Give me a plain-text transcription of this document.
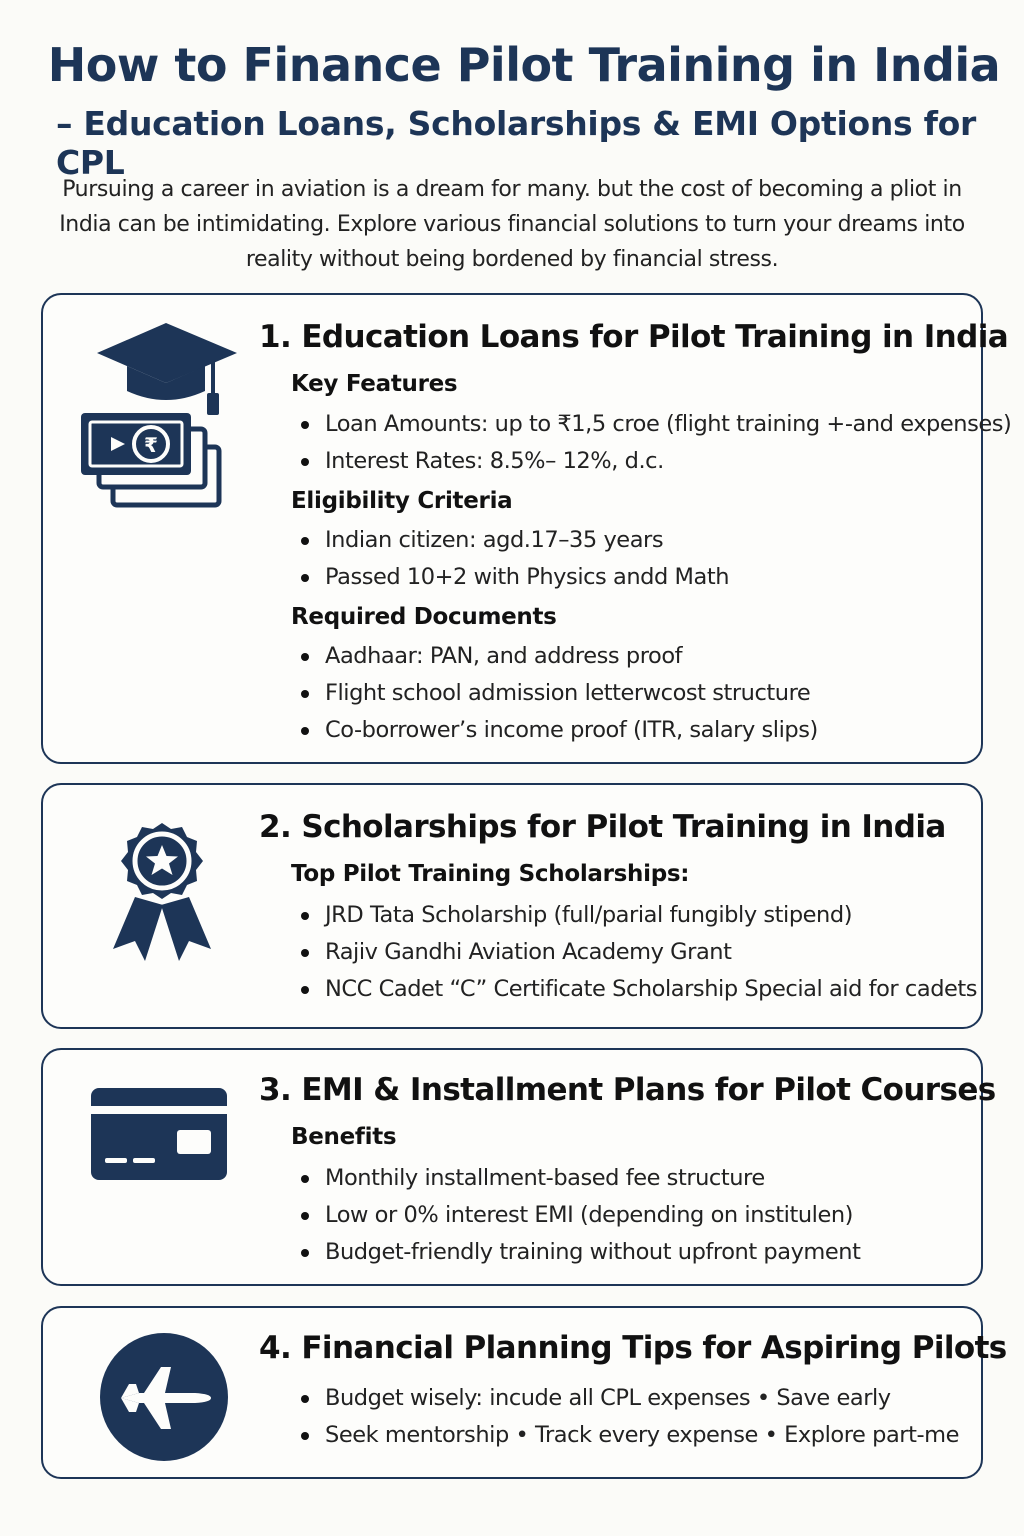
How to Finance Pilot Training in India
– Education Loans, Scholarships & EMI Options for CPL
Pursuing a career in aviation is a dream for many. but the cost of becoming a pliot in India can be intimidating. Explore various financial solutions to turn your dreams into reality without being bordened by financial stress.
₹
1. Education Loans for Pilot Training in India
Key Features
Loan Amounts: up to ₹1,5 croe (flight training +-and expenses)
Interest Rates: 8.5%– 12%, d.c.
Eligibility Criteria
Indian citizen: agd.17–35 years
Passed 10+2 with Physics andd Math
Required Documents
Aadhaar: PAN, and address proof
Flight school admission letterwcost structure
Co-borrower’s income proof (ITR, salary slips)
2. Scholarships for Pilot Training in India
Top Pilot Training Scholarships:
JRD Tata Scholarship (full/parial fungibly stipend)
Rajiv Gandhi Aviation Academy Grant
NCC Cadet “C” Certificate Scholarship Special aid for cadets
3. EMI & Installment Plans for Pilot Courses
Benefits
Monthily installment-based fee structure
Low or 0% interest EMI (depending on institulen)
Budget-friendly training without upfront payment
4. Financial Planning Tips for Aspiring Pilots
Budget wisely: incude all CPL expenses • Save early
Seek mentorship • Track every expense • Explore part-me
